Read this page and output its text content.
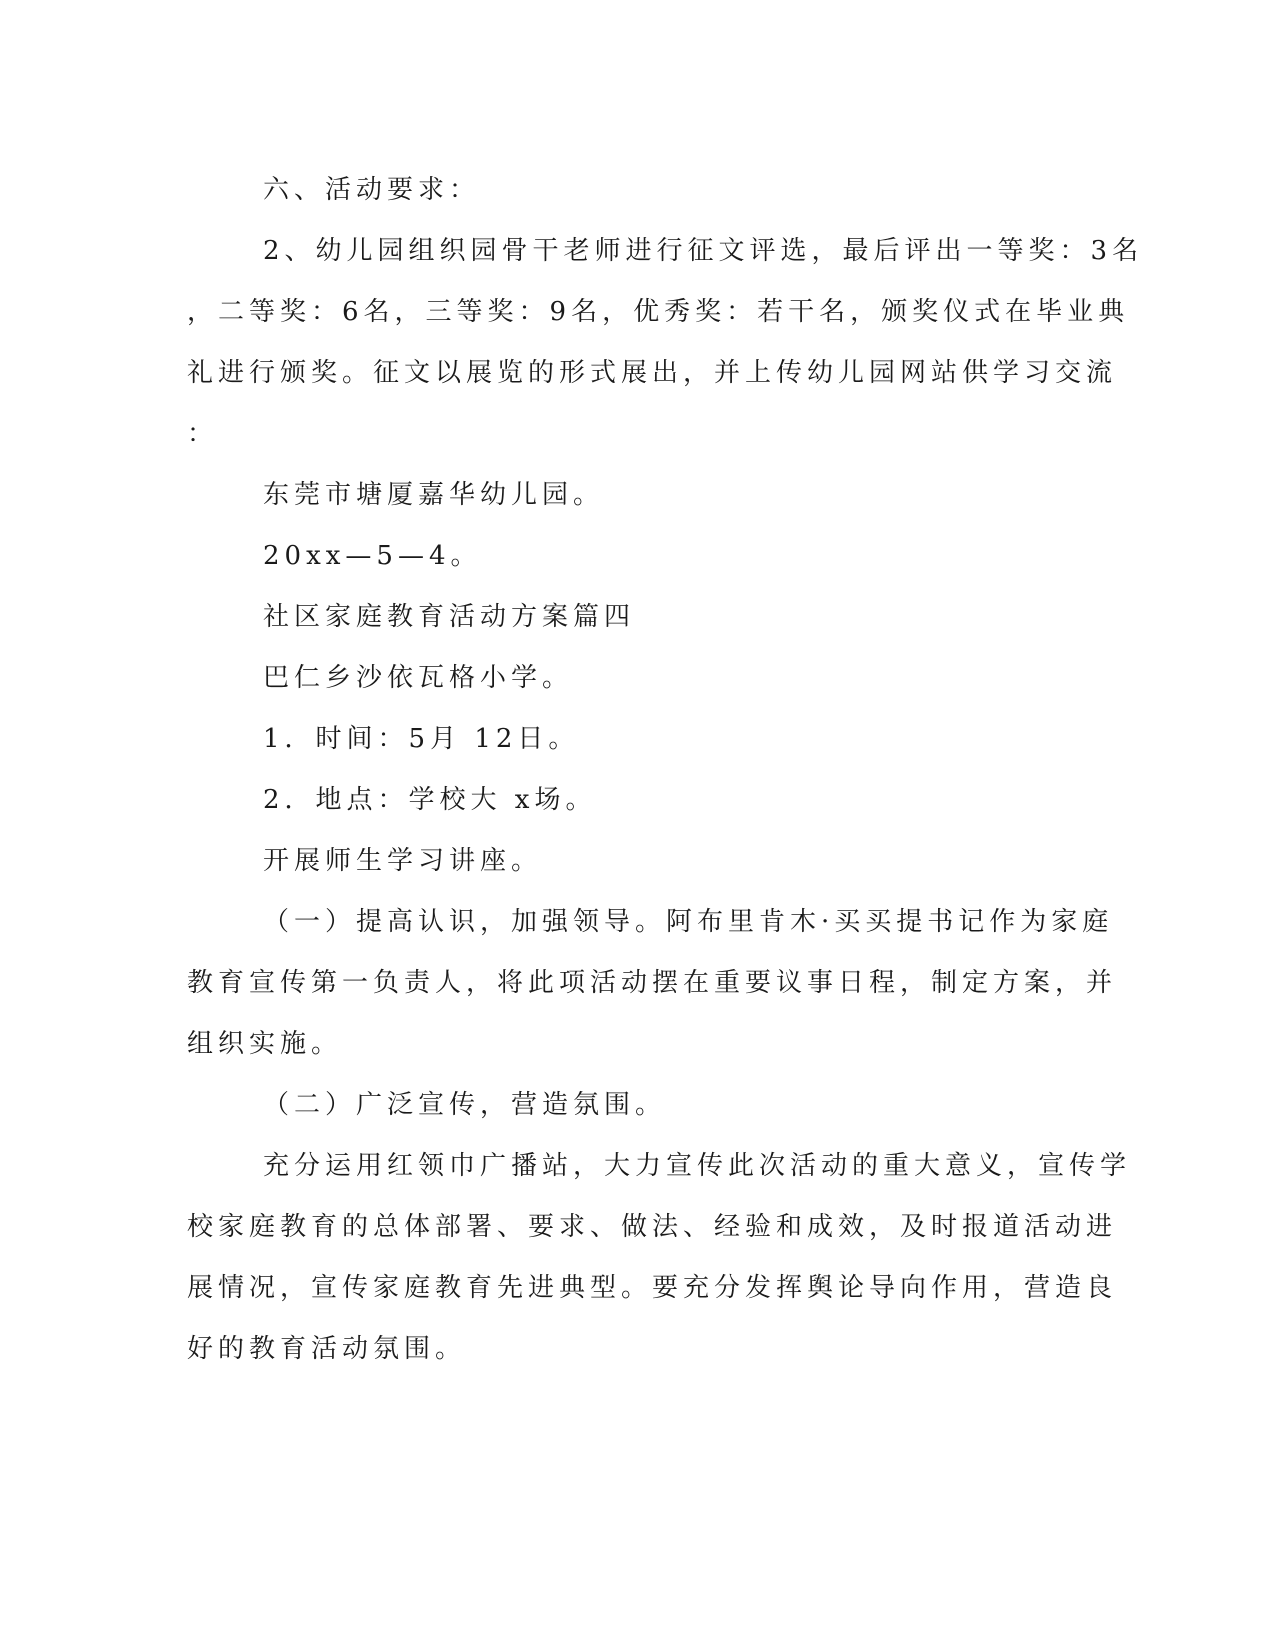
六、活动要求：

2、幼儿园组织园骨干老师进行征文评选，最后评出一等奖：3名

，二等奖：6名，三等奖：9名，优秀奖：若干名，颁奖仪式在毕业典

礼进行颁奖。征文以展览的形式展出，并上传幼儿园网站供学习交流

：

东莞市塘厦嘉华幼儿园。

20xx—5—4。

社区家庭教育活动方案篇四

巴仁乡沙依瓦格小学。

1．时间：5月 12日。

2．地点：学校大 x场。

开展师生学习讲座。

（一）提高认识，加强领导。阿布里肯木·买买提书记作为家庭

教育宣传第一负责人，将此项活动摆在重要议事日程，制定方案，并

组织实施。

（二）广泛宣传，营造氛围。

充分运用红领巾广播站，大力宣传此次活动的重大意义，宣传学

校家庭教育的总体部署、要求、做法、经验和成效，及时报道活动进

展情况，宣传家庭教育先进典型。要充分发挥舆论导向作用，营造良

好的教育活动氛围。
